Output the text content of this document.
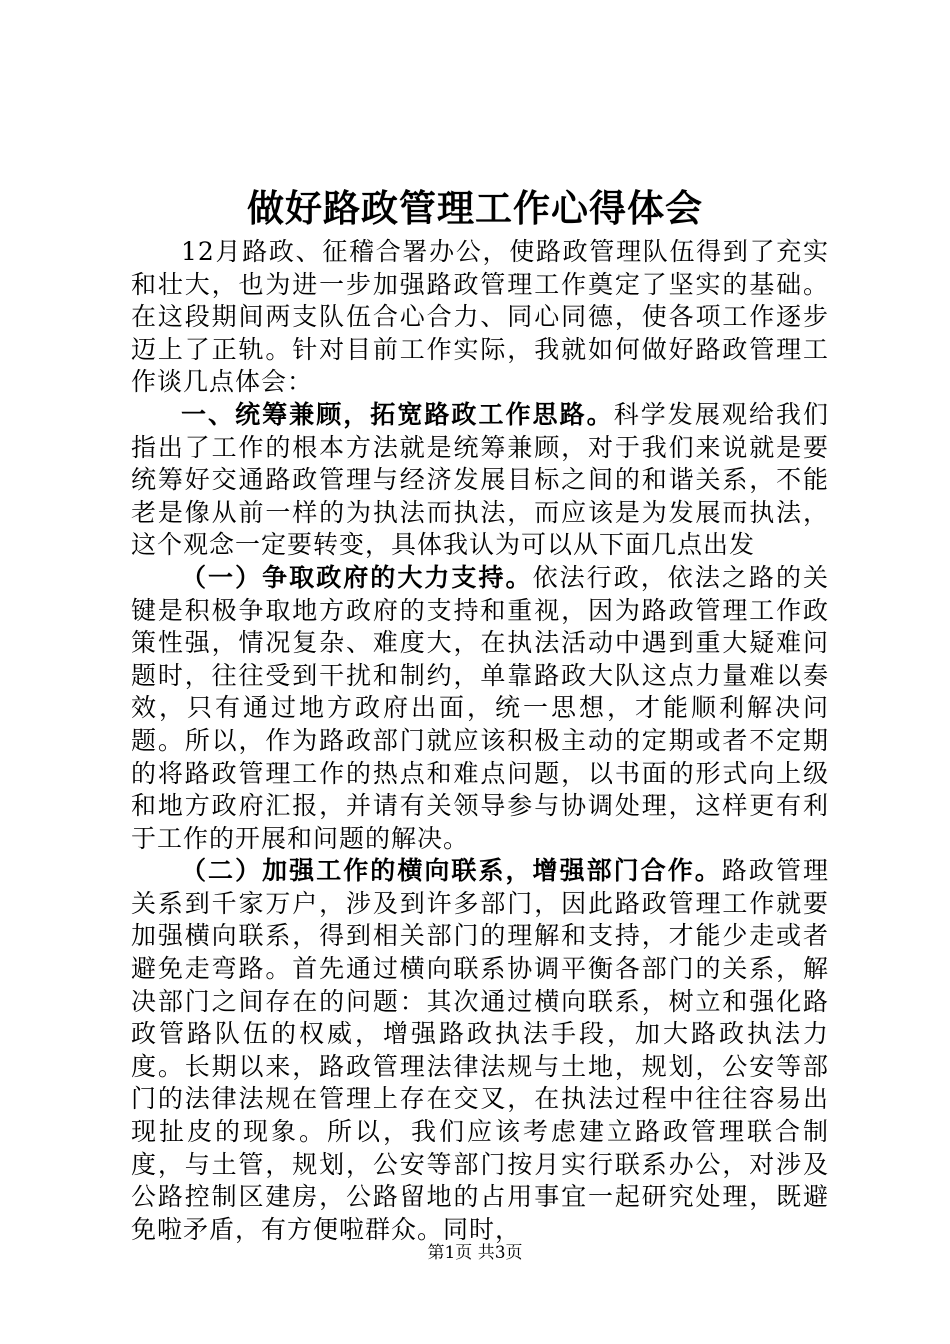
做好路政管理工作心得体会

12月路政、征稽合署办公，使路政管理队伍得到了充实和壮大，也为进一步加强路政管理工作奠定了坚实的基础。在这段期间两支队伍合心合力、同心同德，使各项工作逐步迈上了正轨。针对目前工作实际，我就如何做好路政管理工作谈几点体会：

一、统筹兼顾，拓宽路政工作思路。科学发展观给我们指出了工作的根本方法就是统筹兼顾，对于我们来说就是要统筹好交通路政管理与经济发展目标之间的和谐关系，不能老是像从前一样的为执法而执法，而应该是为发展而执法，这个观念一定要转变，具体我认为可以从下面几点出发

（一）争取政府的大力支持。依法行政，依法之路的关键是积极争取地方政府的支持和重视，因为路政管理工作政策性强，情况复杂、难度大，在执法活动中遇到重大疑难问题时，往往受到干扰和制约，单靠路政大队这点力量难以奏效，只有通过地方政府出面，统一思想，才能顺利解决问题。所以，作为路政部门就应该积极主动的定期或者不定期的将路政管理工作的热点和难点问题，以书面的形式向上级和地方政府汇报，并请有关领导参与协调处理，这样更有利于工作的开展和问题的解决。

（二）加强工作的横向联系，增强部门合作。路政管理关系到千家万户，涉及到许多部门，因此路政管理工作就要加强横向联系，得到相关部门的理解和支持，才能少走或者避免走弯路。首先通过横向联系协调平衡各部门的关系，解决部门之间存在的问题：其次通过横向联系，树立和强化路政管路队伍的权威，增强路政执法手段，加大路政执法力度。长期以来，路政管理法律法规与土地，规划，公安等部门的法律法规在管理上存在交叉，在执法过程中往往容易出现扯皮的现象。所以，我们应该考虑建立路政管理联合制度，与土管，规划，公安等部门按月实行联系办公，对涉及公路控制区建房，公路留地的占用事宜一起研究处理，既避免啦矛盾，有方便啦群众。同时，

第1页 共3页
